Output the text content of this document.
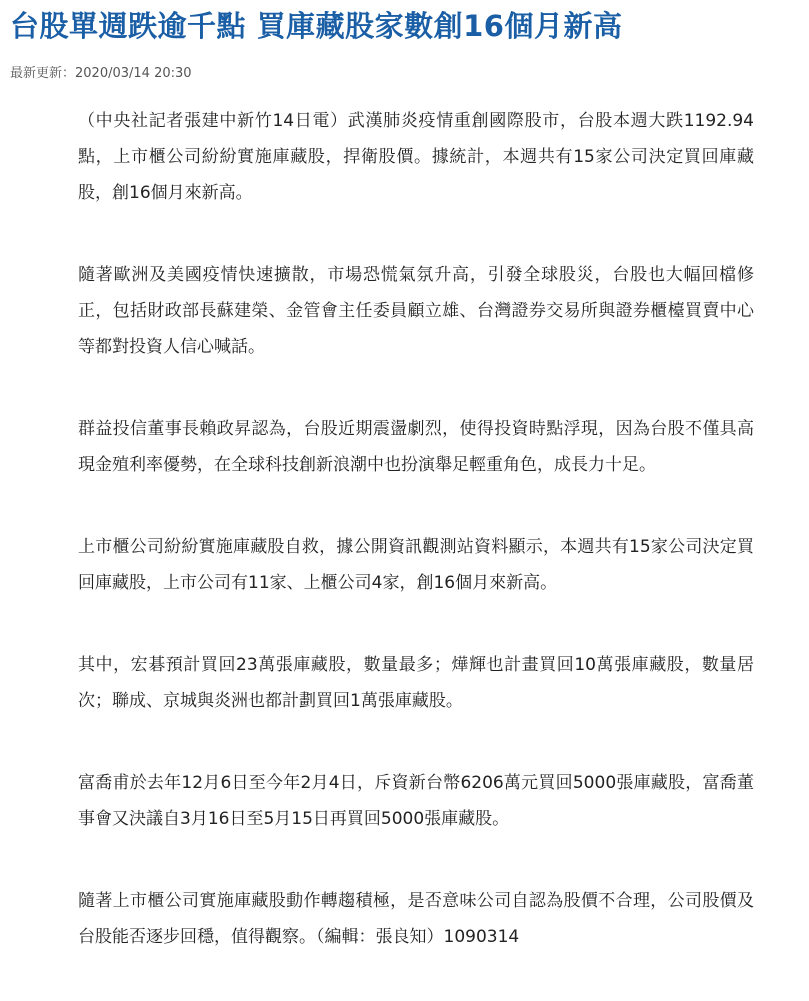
台股單週跌逾千點 買庫藏股家數創16個月新高
最新更新：2020/03/14 20:30

（中央社記者張建中新竹14日電）武漢肺炎疫情重創國際股市，台股本週大跌1192.94點，上市櫃公司紛紛實施庫藏股，捍衛股價。據統計，本週共有15家公司決定買回庫藏股，創16個月來新高。

隨著歐洲及美國疫情快速擴散，市場恐慌氣氛升高，引發全球股災，台股也大幅回檔修正，包括財政部長蘇建榮、金管會主任委員顧立雄、台灣證券交易所與證券櫃檯買賣中心等都對投資人信心喊話。

群益投信董事長賴政昇認為，台股近期震盪劇烈，使得投資時點浮現，因為台股不僅具高現金殖利率優勢，在全球科技創新浪潮中也扮演舉足輕重角色，成長力十足。

上市櫃公司紛紛實施庫藏股自救，據公開資訊觀測站資料顯示，本週共有15家公司決定買回庫藏股，上市公司有11家、上櫃公司4家，創16個月來新高。

其中，宏碁預計買回23萬張庫藏股，數量最多；燁輝也計畫買回10萬張庫藏股，數量居次；聯成、京城與炎洲也都計劃買回1萬張庫藏股。

富喬甫於去年12月6日至今年2月4日，斥資新台幣6206萬元買回5000張庫藏股，富喬董事會又決議自3月16日至5月15日再買回5000張庫藏股。

隨著上市櫃公司實施庫藏股動作轉趨積極，是否意味公司自認為股價不合理，公司股價及台股能否逐步回穩，值得觀察。（編輯：張良知）1090314
